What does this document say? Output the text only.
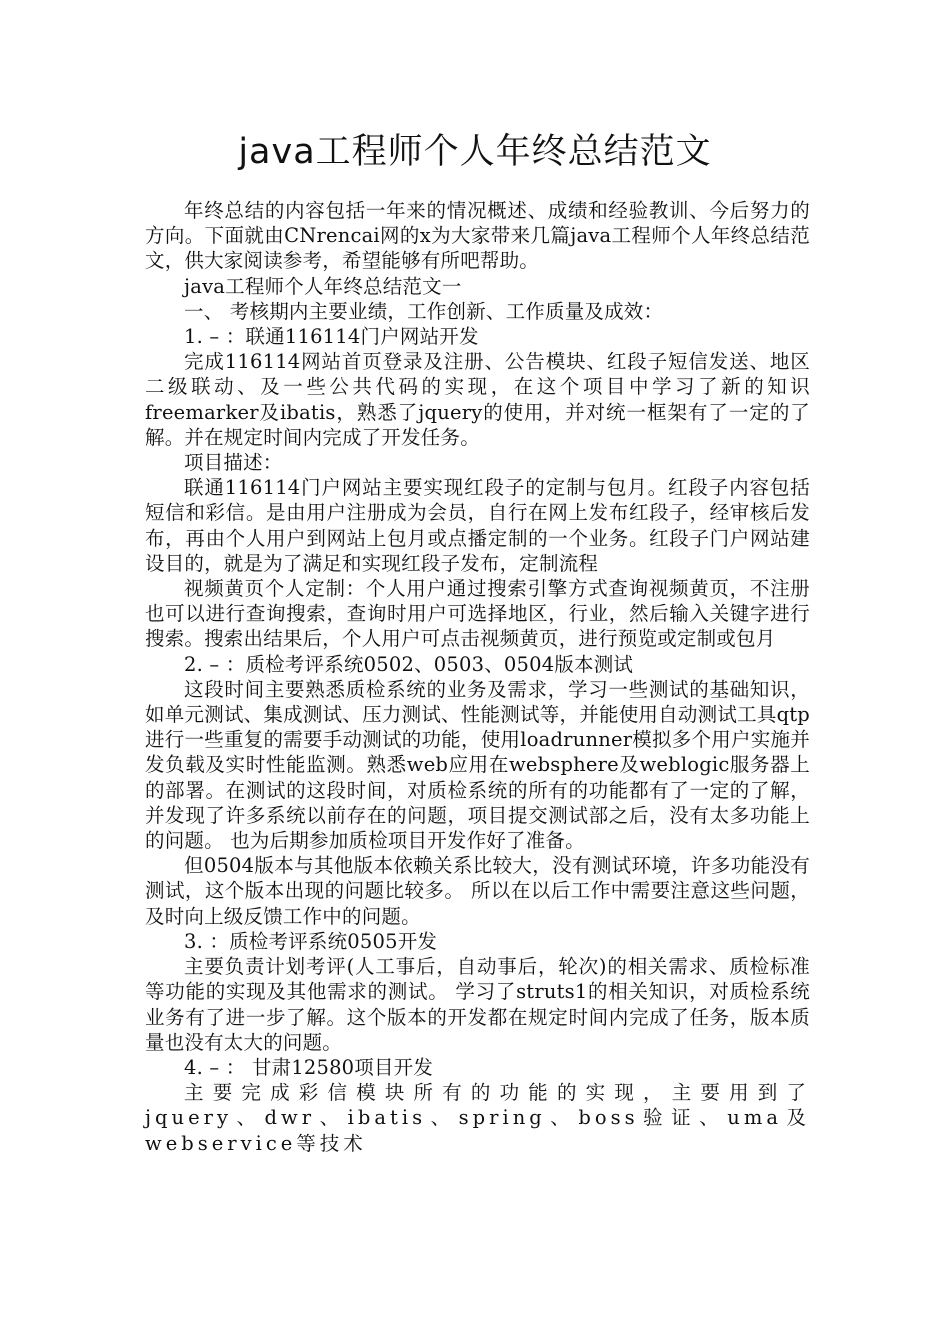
java工程师个人年终总结范文

年终总结的内容包括一年来的情况概述、成绩和经验教训、今后努力的方向。下面就由CNrencai网的x为大家带来几篇java工程师个人年终总结范文，供大家阅读参考，希望能够有所吧帮助。

java工程师个人年终总结范文一

一、 考核期内主要业绩，工作创新、工作质量及成效：

1. – ：联通116114门户网站开发

完成116114网站首页登录及注册、公告模块、红段子短信发送、地区二级联动、及一些公共代码的实现，在这个项目中学习了新的知识freemarker及ibatis，熟悉了jquery的使用，并对统一框架有了一定的了解。并在规定时间内完成了开发任务。

项目描述：

联通116114门户网站主要实现红段子的定制与包月。红段子内容包括短信和彩信。是由用户注册成为会员，自行在网上发布红段子，经审核后发布，再由个人用户到网站上包月或点播定制的一个业务。红段子门户网站建设目的，就是为了满足和实现红段子发布，定制流程

视频黄页个人定制：个人用户通过搜索引擎方式查询视频黄页，不注册也可以进行查询搜索，查询时用户可选择地区，行业，然后输入关键字进行搜索。搜索出结果后，个人用户可点击视频黄页，进行预览或定制或包月

2. – ：质检考评系统0502、0503、0504版本测试

这段时间主要熟悉质检系统的业务及需求，学习一些测试的基础知识，如单元测试、集成测试、压力测试、性能测试等，并能使用自动测试工具qtp进行一些重复的需要手动测试的功能，使用loadrunner模拟多个用户实施并发负载及实时性能监测。熟悉web应用在websphere及weblogic服务器上的部署。在测试的这段时间，对质检系统的所有的功能都有了一定的了解，并发现了许多系统以前存在的问题，项目提交测试部之后，没有太多功能上的问题。 也为后期参加质检项目开发作好了准备。

但0504版本与其他版本依赖关系比较大，没有测试环境，许多功能没有测试，这个版本出现的问题比较多。 所以在以后工作中需要注意这些问题，及时向上级反馈工作中的问题。

3. ：质检考评系统0505开发

主要负责计划考评(人工事后，自动事后，轮次)的相关需求、质检标准等功能的实现及其他需求的测试。 学习了struts1的相关知识，对质检系统业务有了进一步了解。这个版本的开发都在规定时间内完成了任务，版本质量也没有太大的问题。

4. – ： 甘肃12580项目开发

主要完成彩信模块所有的功能的实现，主要用到了jquery、dwr、ibatis、spring、boss验证、uma及webservice等技术
